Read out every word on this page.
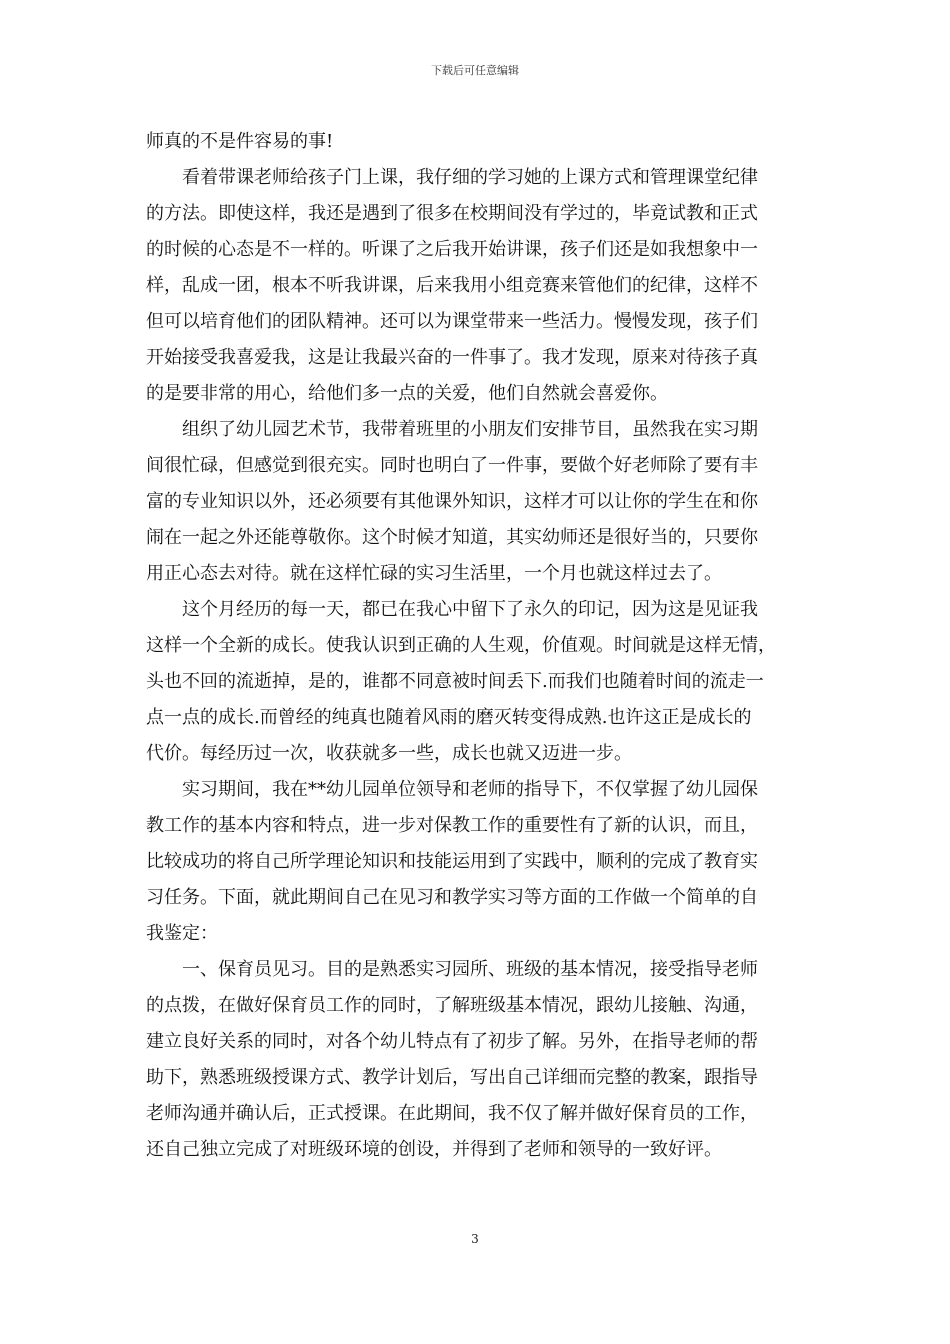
下载后可任意编辑
师真的不是件容易的事!
看着带课老师给孩子门上课，我仔细的学习她的上课方式和管理课堂纪律
的方法。即使这样，我还是遇到了很多在校期间没有学过的，毕竟试教和正式
的时候的心态是不一样的。听课了之后我开始讲课，孩子们还是如我想象中一
样，乱成一团，根本不听我讲课，后来我用小组竞赛来管他们的纪律，这样不
但可以培育他们的团队精神。还可以为课堂带来一些活力。慢慢发现，孩子们
开始接受我喜爱我，这是让我最兴奋的一件事了。我才发现，原来对待孩子真
的是要非常的用心，给他们多一点的关爱，他们自然就会喜爱你。
组织了幼儿园艺术节，我带着班里的小朋友们安排节目，虽然我在实习期
间很忙碌，但感觉到很充实。同时也明白了一件事，要做个好老师除了要有丰
富的专业知识以外，还必须要有其他课外知识，这样才可以让你的学生在和你
闹在一起之外还能尊敬你。这个时候才知道，其实幼师还是很好当的，只要你
用正心态去对待。就在这样忙碌的实习生活里，一个月也就这样过去了。
这个月经历的每一天，都已在我心中留下了永久的印记，因为这是见证我
这样一个全新的成长。使我认识到正确的人生观，价值观。时间就是这样无情，
头也不回的流逝掉，是的，谁都不同意被时间丢下.而我们也随着时间的流走一
点一点的成长.而曾经的纯真也随着风雨的磨灭转变得成熟.也许这正是成长的
代价。每经历过一次，收获就多一些，成长也就又迈进一步。
实习期间，我在**幼儿园单位领导和老师的指导下，不仅掌握了幼儿园保
教工作的基本内容和特点，进一步对保教工作的重要性有了新的认识，而且，
比较成功的将自己所学理论知识和技能运用到了实践中，顺利的完成了教育实
习任务。下面，就此期间自己在见习和教学实习等方面的工作做一个简单的自
我鉴定：
一、保育员见习。目的是熟悉实习园所、班级的基本情况，接受指导老师
的点拨，在做好保育员工作的同时，了解班级基本情况，跟幼儿接触、沟通，
建立良好关系的同时，对各个幼儿特点有了初步了解。另外，在指导老师的帮
助下，熟悉班级授课方式、教学计划后，写出自己详细而完整的教案，跟指导
老师沟通并确认后，正式授课。在此期间，我不仅了解并做好保育员的工作，
还自己独立完成了对班级环境的创设，并得到了老师和领导的一致好评。
3
